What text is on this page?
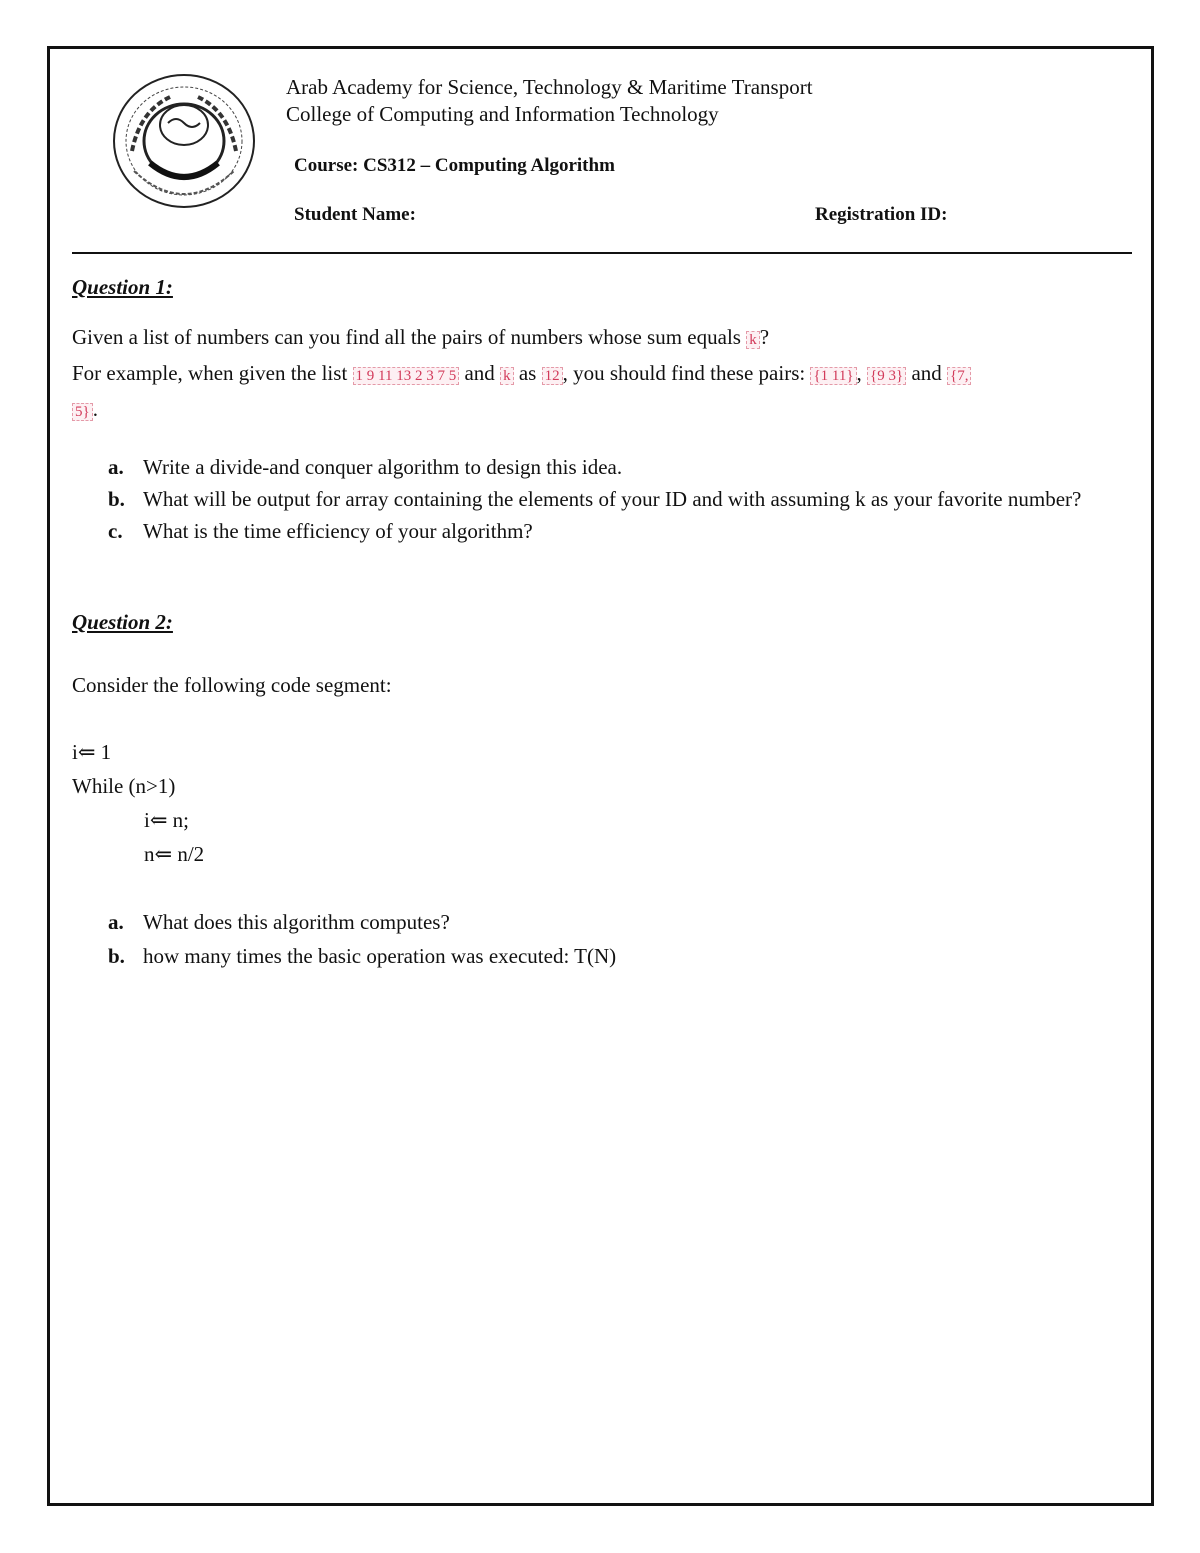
Arab Academy for Science, Technology & Maritime Transport
College of Computing and Information Technology
Course: CS312 – Computing Algorithm
Student Name:	Registration ID:
Question 1:
Given a list of numbers can you find all the pairs of numbers whose sum equals k ?
For example, when given the list 1 9 11 13 2 3 7 5 and k as 12 , you should find these pairs: {1 11} , {9 3} and {7,
5} .
a. Write a divide-and conquer algorithm to design this idea.
b. What will be output for array containing the elements of your ID and with assuming k as your favorite number?
c. What is the time efficiency of your algorithm?
Question 2:
Consider the following code segment:
i⇐ 1
While (n>1)
i⇐ n;
n⇐ n/2
a. What does this algorithm computes?
b. how many times the basic operation was executed: T(N)
